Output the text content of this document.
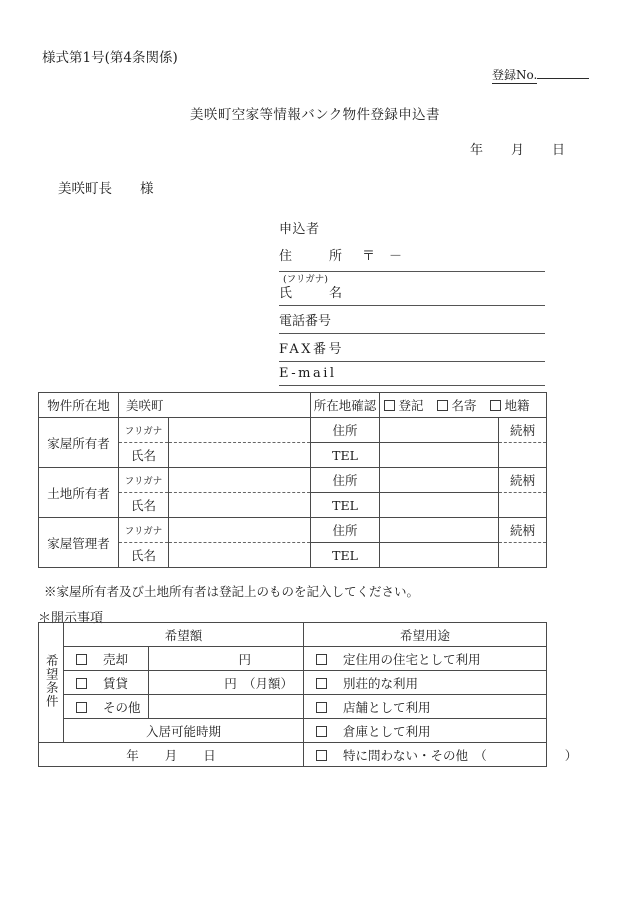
様式第1号(第4条関係)
登録No.
美咲町空家等情報バンク物件登録申込書
年 月 日
美咲町長 様
申込者
住　所 〒－
(フリガナ)
氏　名
電話番号
FAX番号
E-mail
物件所在地	美咲町		所在地確認	登記 名寄 地籍	
家屋所有者	フリガナ		住所		続柄
	氏名		TEL		
土地所有者	フリガナ		住所		続柄
	氏名		TEL		
家屋管理者	フリガナ		住所		続柄
	氏名		TEL		
※家屋所有者及び土地所有者は登記上のものを記入してください。
＊開示事項
希望条件	希望額		希望用途
	売却	円	定住用の住宅として利用
	賃貸	円　（月額）	別荘的な利用
	その他		店舗として利用
	入居可能時期		倉庫として利用
年 月 日			特に問わない・その他　（ ）
